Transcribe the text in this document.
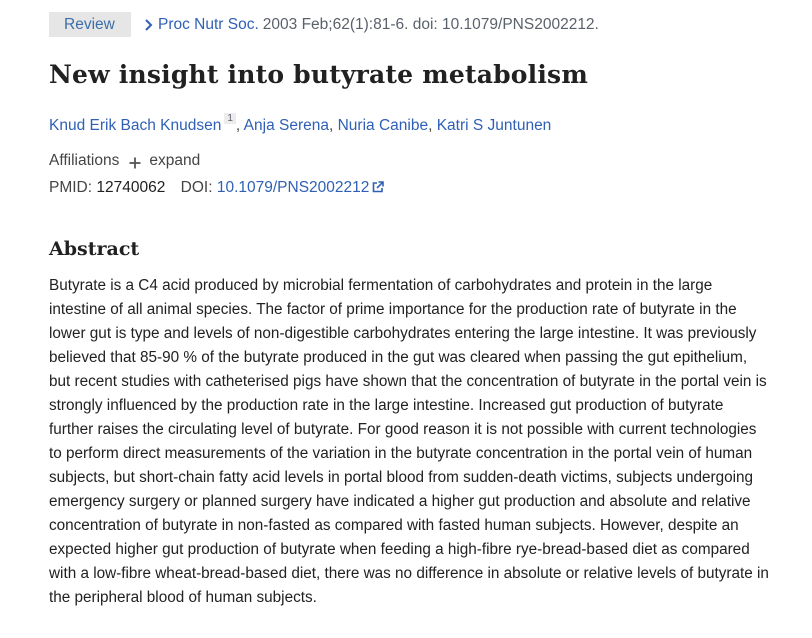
Review	Proc Nutr Soc. 2003 Feb;62(1):81-6. doi: 10.1079/PNS2002212.
New insight into butyrate metabolism
Knud Erik Bach Knudsen $^1$ , Anja Serena, Nuria Canibe, Katri S Juntunen
Affiliations expand
PMID: 12740062 DOI: 10.1079/PNS2002212
Abstract

Butyrate is a C4 acid produced by microbial fermentation of carbohydrates and protein in the large intestine of all animal species. The factor of prime importance for the production rate of butyrate in the lower gut is type and levels of non-digestible carbohydrates entering the large intestine. It was previously believed that 85-90 % of the butyrate produced in the gut was cleared when passing the gut epithelium, but recent studies with catheterised pigs have shown that the concentration of butyrate in the portal vein is strongly influenced by the production rate in the large intestine. Increased gut production of butyrate further raises the circulating level of butyrate. For good reason it is not possible with current technologies to perform direct measurements of the variation in the butyrate concentration in the portal vein of human subjects, but short-chain fatty acid levels in portal blood from sudden-death victims, subjects undergoing emergency surgery or planned surgery have indicated a higher gut production and absolute and relative concentration of butyrate in non-fasted as compared with fasted human subjects. However, despite an expected higher gut production of butyrate when feeding a high-fibre rye-bread-based diet as compared with a low-fibre wheat-bread-based diet, there was no difference in absolute or relative levels of butyrate in the peripheral blood of human subjects.
